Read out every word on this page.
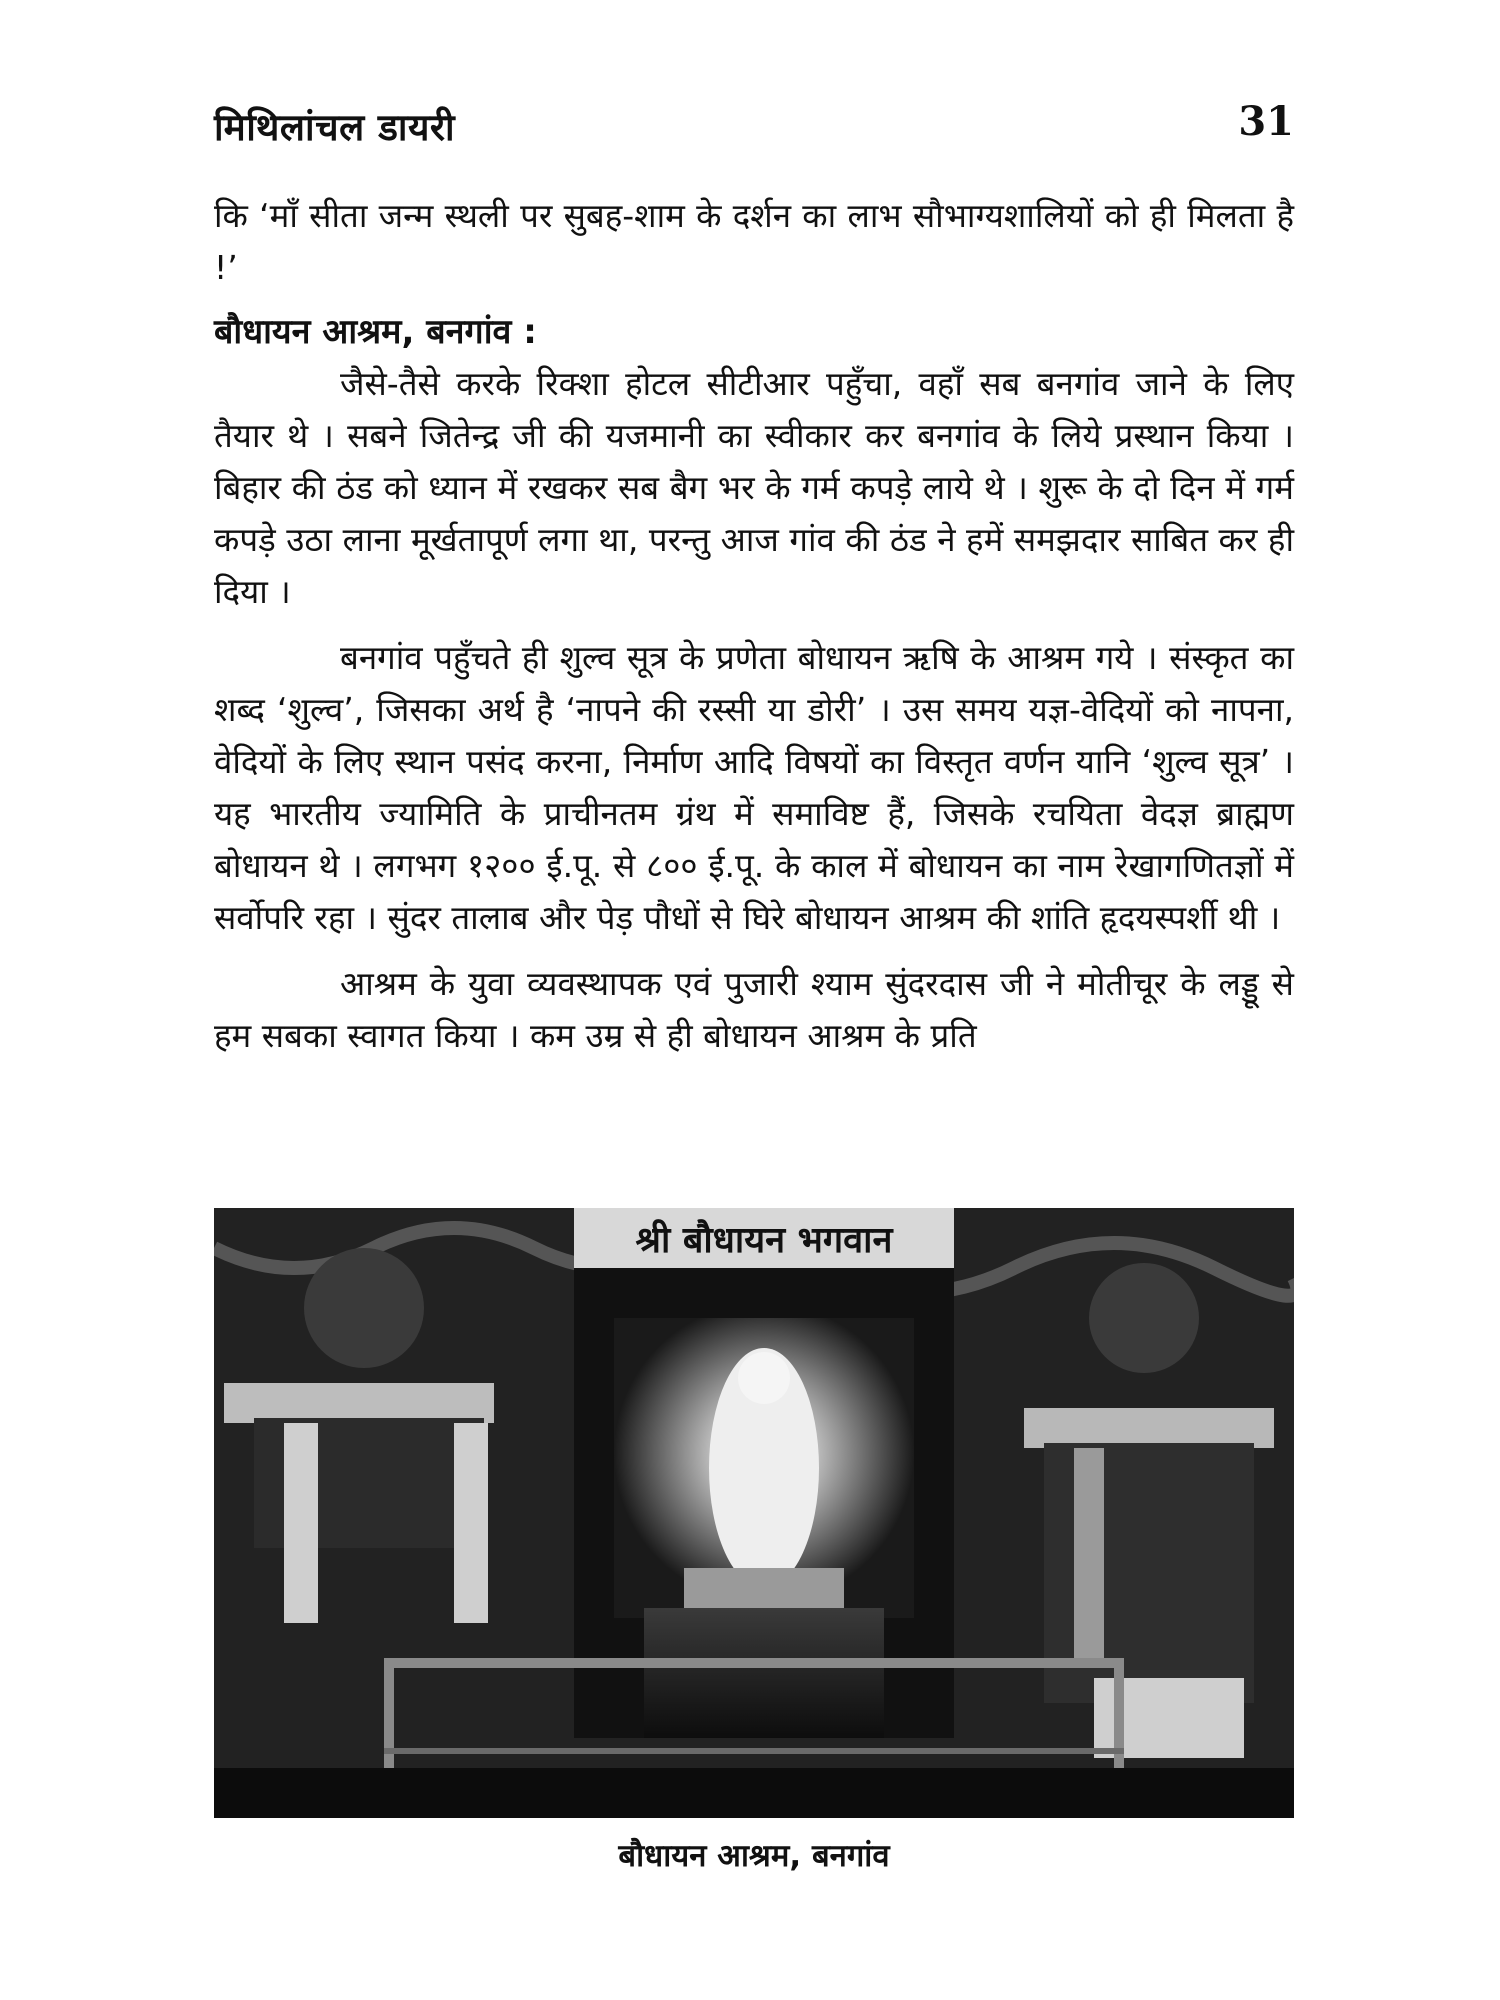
मिथिलांचल डायरी	31

कि ‘माँ सीता जन्म स्थली पर सुबह-शाम के दर्शन का लाभ सौभाग्यशालियों को ही मिलता है !’

बौधायन आश्रम, बनगांव :

जैसे-तैसे करके रिक्शा होटल सीटीआर पहुँचा, वहाँ सब बनगांव जाने के लिए तैयार थे । सबने जितेन्द्र जी की यजमानी का स्वीकार कर बनगांव के लिये प्रस्थान किया । बिहार की ठंड को ध्यान में रखकर सब बैग भर के गर्म कपड़े लाये थे । शुरू के दो दिन में गर्म कपड़े उठा लाना मूर्खतापूर्ण लगा था, परन्तु आज गांव की ठंड ने हमें समझदार साबित कर ही दिया ।

बनगांव पहुँचते ही शुल्व सूत्र के प्रणेता बोधायन ऋषि के आश्रम गये । संस्कृत का शब्द ‘शुल्व’, जिसका अर्थ है ‘नापने की रस्सी या डोरी’ । उस समय यज्ञ-वेदियों को नापना, वेदियों के लिए स्थान पसंद करना, निर्माण आदि विषयों का विस्तृत वर्णन यानि ‘शुल्व सूत्र’ । यह भारतीय ज्यामिति के प्राचीनतम ग्रंथ में समाविष्ट हैं, जिसके रचयिता वेदज्ञ ब्राह्मण बोधायन थे । लगभग १२०० ई.पू. से ८०० ई.पू. के काल में बोधायन का नाम रेखागणितज्ञों में सर्वोपरि रहा । सुंदर तालाब और पेड़ पौधों से घिरे बोधायन आश्रम की शांति हृदयस्पर्शी थी ।

आश्रम के युवा व्यवस्थापक एवं पुजारी श्याम सुंदरदास जी ने मोतीचूर के लड्डू से हम सबका स्वागत किया । कम उम्र से ही बोधायन आश्रम के प्रति

श्री बौधायन भगवान
बौधायन आश्रम, बनगांव
